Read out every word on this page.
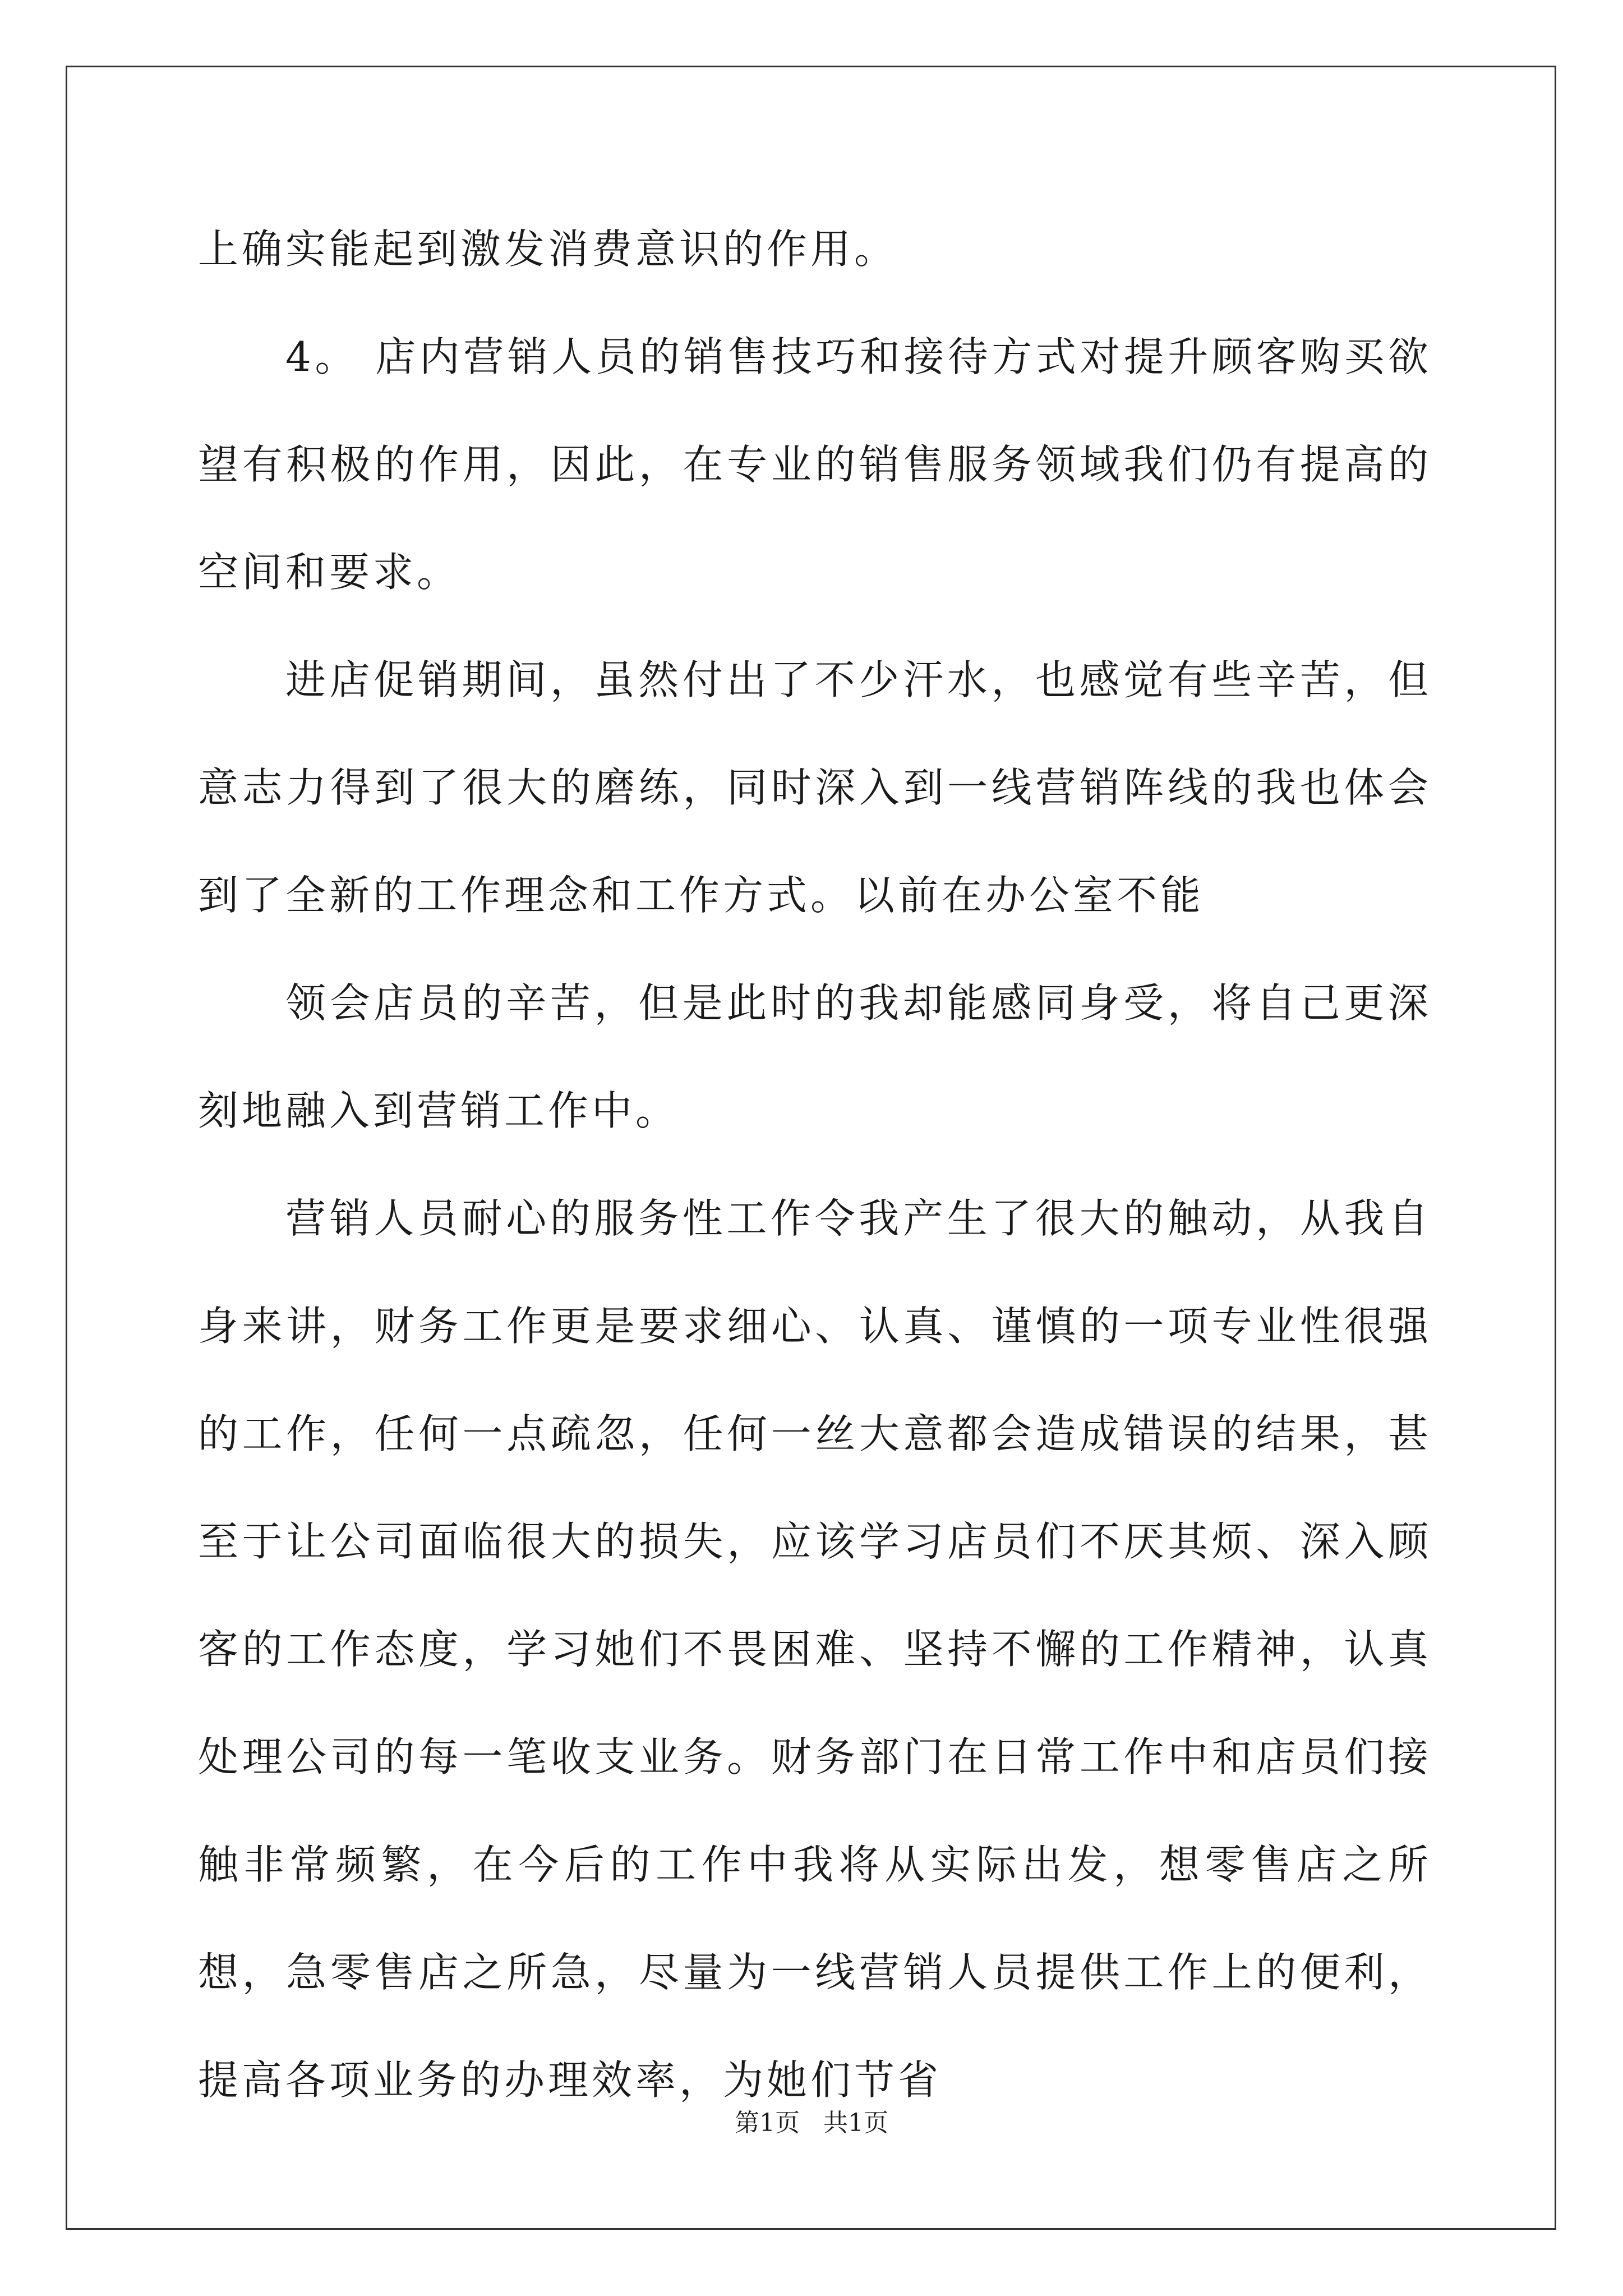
上确实能起到激发消费意识的作用。

4。 店内营销人员的销售技巧和接待方式对提升顾客购买欲望有积极的作用，因此，在专业的销售服务领域我们仍有提高的空间和要求。

进店促销期间，虽然付出了不少汗水，也感觉有些辛苦，但意志力得到了很大的磨练，同时深入到一线营销阵线的我也体会到了全新的工作理念和工作方式。以前在办公室不能

领会店员的辛苦，但是此时的我却能感同身受，将自己更深刻地融入到营销工作中。

营销人员耐心的服务性工作令我产生了很大的触动，从我自身来讲，财务工作更是要求细心、认真、谨慎的一项专业性很强的工作，任何一点疏忽，任何一丝大意都会造成错误的结果，甚至于让公司面临很大的损失，应该学习店员们不厌其烦、深入顾客的工作态度，学习她们不畏困难、坚持不懈的工作精神，认真处理公司的每一笔收支业务。财务部门在日常工作中和店员们接触非常频繁，在今后的工作中我将从实际出发，想零售店之所想，急零售店之所急，尽量为一线营销人员提供工作上的便利，提高各项业务的办理效率，为她们节省

第1页   共1页
